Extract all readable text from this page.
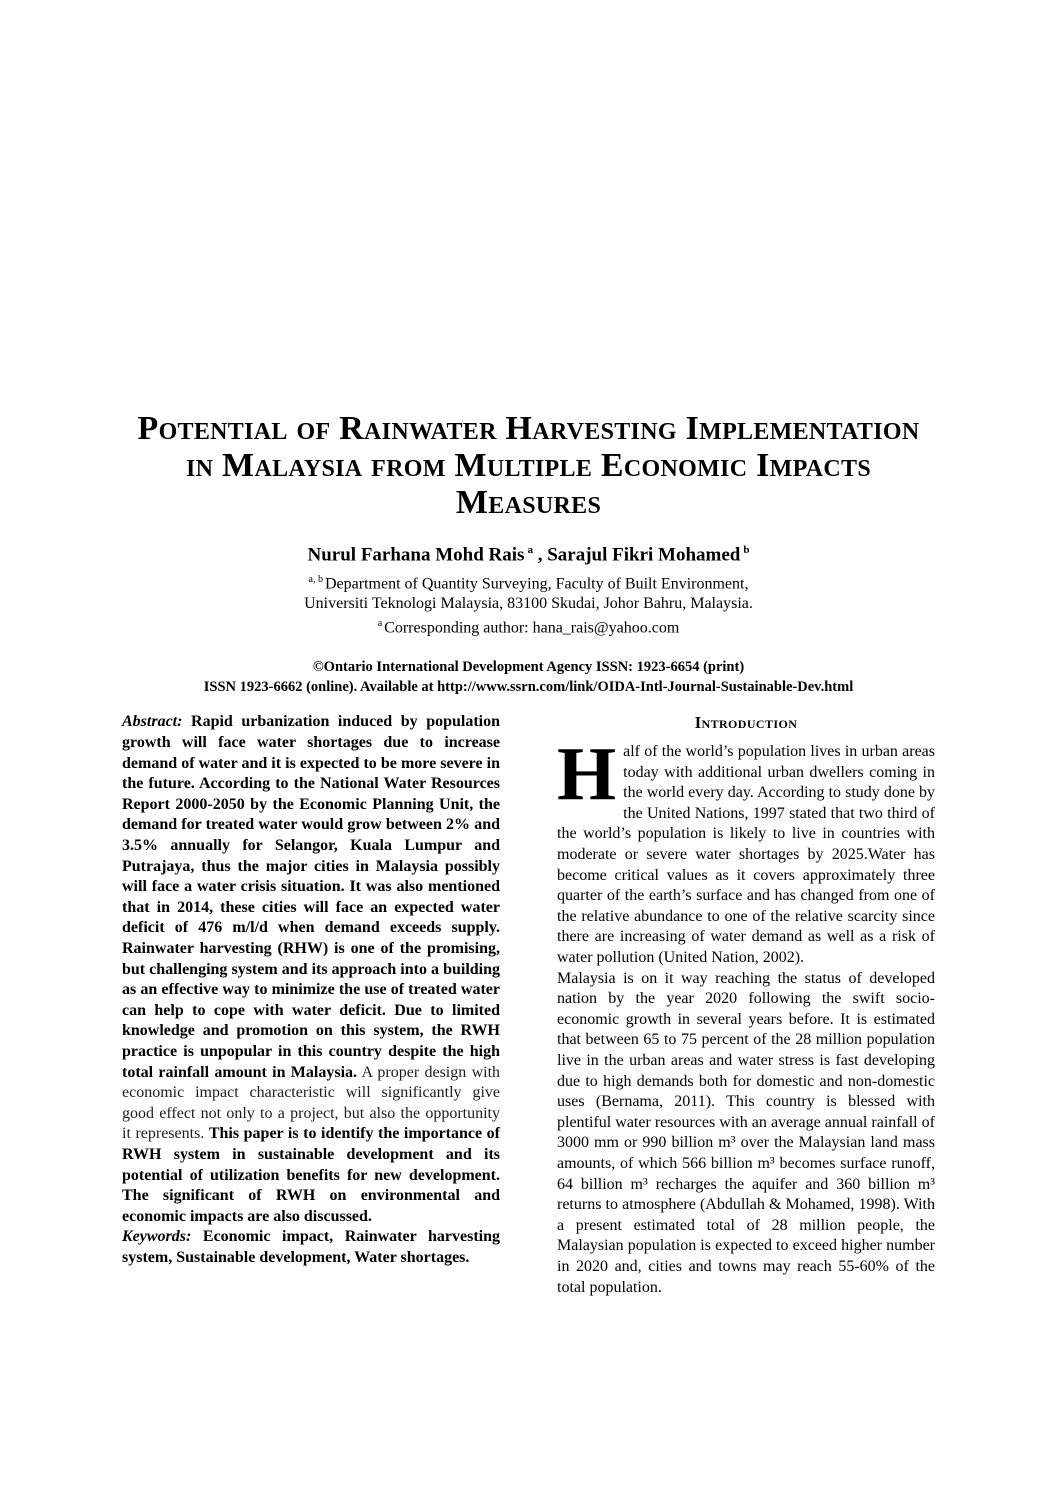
Potential of Rainwater Harvesting Implementation
in Malaysia from Multiple Economic Impacts
Measures
Nurul Farhana Mohd Rais $^a$ , Sarajul Fikri Mohamed $^b$
$^{a, b}$ Department of Quantity Surveying, Faculty of Built Environment,
Universiti Teknologi Malaysia, 83100 Skudai, Johor Bahru, Malaysia.
$^a$ Corresponding author: hana_rais@yahoo.com
©Ontario International Development Agency ISSN: 1923-6654 (print)
ISSN 1923-6662 (online). Available at http://www.ssrn.com/link/OIDA-Intl-Journal-Sustainable-Dev.html

Abstract: Rapid urbanization induced by population growth will face water shortages due to increase demand of water and it is expected to be more severe in the future. According to the National Water Resources Report 2000-2050 by the Economic Planning Unit, the demand for treated water would grow between 2% and 3.5% annually for Selangor, Kuala Lumpur and Putrajaya, thus the major cities in Malaysia possibly will face a water crisis situation. It was also mentioned that in 2014, these cities will face an expected water deficit of 476 m/l/d when demand exceeds supply. Rainwater harvesting (RHW) is one of the promising, but challenging system and its approach into a building as an effective way to minimize the use of treated water can help to cope with water deficit. Due to limited knowledge and promotion on this system, the RWH practice is unpopular in this country despite the high total rainfall amount in Malaysia. A proper design with economic impact characteristic will significantly give good effect not only to a project, but also the opportunity it represents. This paper is to identify the importance of RWH system in sustainable development and its potential of utilization benefits for new development. The significant of RWH on environmental and economic impacts are also discussed.

Keywords: Economic impact, Rainwater harvesting system, Sustainable development, Water shortages.

Introduction

Half of the world’s population lives in urban areas today with additional urban dwellers coming in the world every day. According to study done by the United Nations, 1997 stated that two third of the world’s population is likely to live in countries with moderate or severe water shortages by 2025.Water has become critical values as it covers approximately three quarter of the earth’s surface and has changed from one of the relative abundance to one of the relative scarcity since there are increasing of water demand as well as a risk of water pollution (United Nation, 2002).

Malaysia is on it way reaching the status of developed nation by the year 2020 following the swift socio-economic growth in several years before. It is estimated that between 65 to 75 percent of the 28 million population live in the urban areas and water stress is fast developing due to high demands both for domestic and non-domestic uses (Bernama, 2011). This country is blessed with plentiful water resources with an average annual rainfall of 3000 mm or 990 billion m³ over the Malaysian land mass amounts, of which 566 billion m³ becomes surface runoff, 64 billion m³ recharges the aquifer and 360 billion m³ returns to atmosphere (Abdullah & Mohamed, 1998). With a present estimated total of 28 million people, the Malaysian population is expected to exceed higher number in 2020 and, cities and towns may reach 55-60% of the total population.
